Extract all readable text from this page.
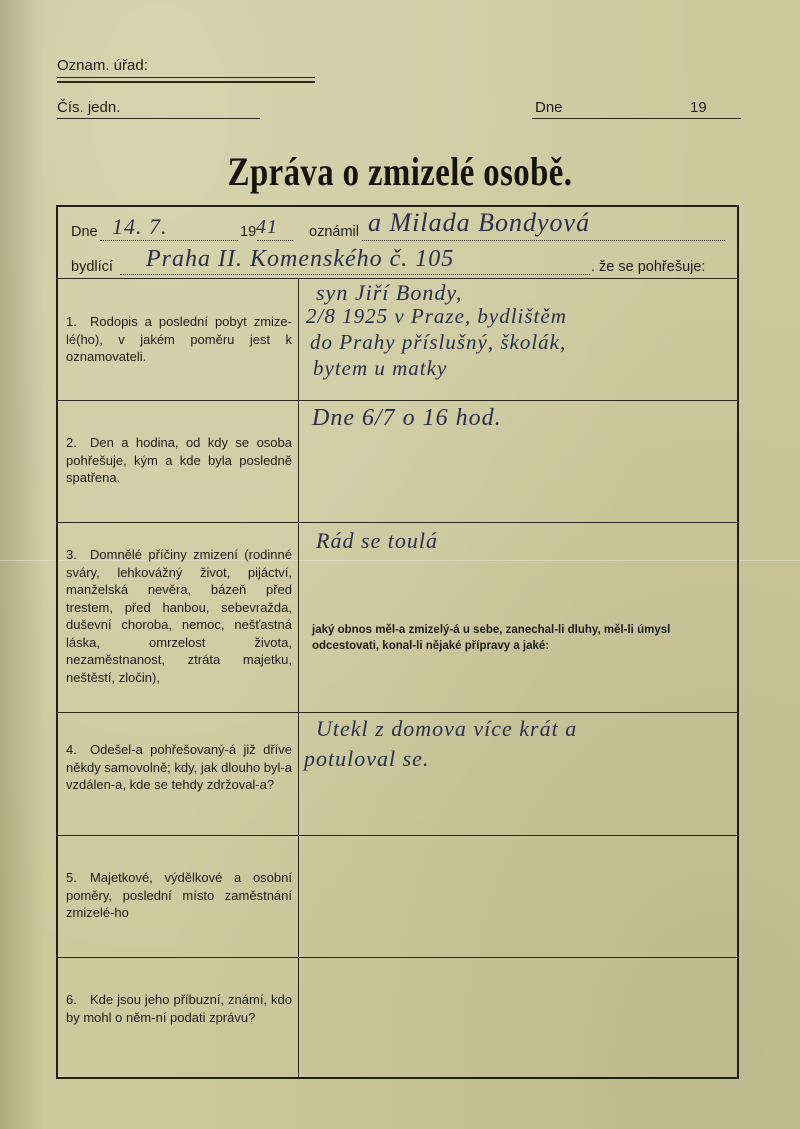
Oznam. úřad:
Čís. jedn.	Dne	19
Zpráva o zmizelé osobě.
Dne 14. 7.	19 41 oznámil a Milada Bondyová
bydlící Praha II. Komenského č. 105	. že se pohřešuje:
1. Rodopis a poslední pobyt zmize-lé(ho), v jakém poměru jest k oznamovateli.
syn Jiří Bondy,
2/8 1925 v Praze, bydlištěm
do Prahy příslušný, školák,
bytem u matky
2. Den a hodina, od kdy se osoba pohřešuje, kým a kde byla posledně spatřena.
Dne 6/7 o 16 hod.
3. Domnělé příčiny zmizení (rodinné sváry, lehkovážný život, pijáctví, manželská nevěra, bázeň před trestem, před hanbou, sebevražda, duševní choroba, nemoc, nešťastná láska, omrzelost života, nezaměstnanost, ztráta majetku, neštěstí, zločin),
Rád se toulá
jaký obnos měl-a zmizelý-á u sebe, zanechal-li dluhy, měl-li úmysl odcestovati, konal-li nějaké přípravy a jaké:
4. Odešel-a pohřešovaný-á již dříve někdy samovolně; kdy, jak dlouho byl-a vzdálen-a, kde se tehdy zdržoval-a?
Utekl z domova více krát a
potuloval se.
5. Majetkové, výdělkové a osobní poměry, poslední místo zaměstnání zmizelé-ho
6. Kde jsou jeho příbuzní, známí, kdo by mohl o něm-ní podati zprávu?
